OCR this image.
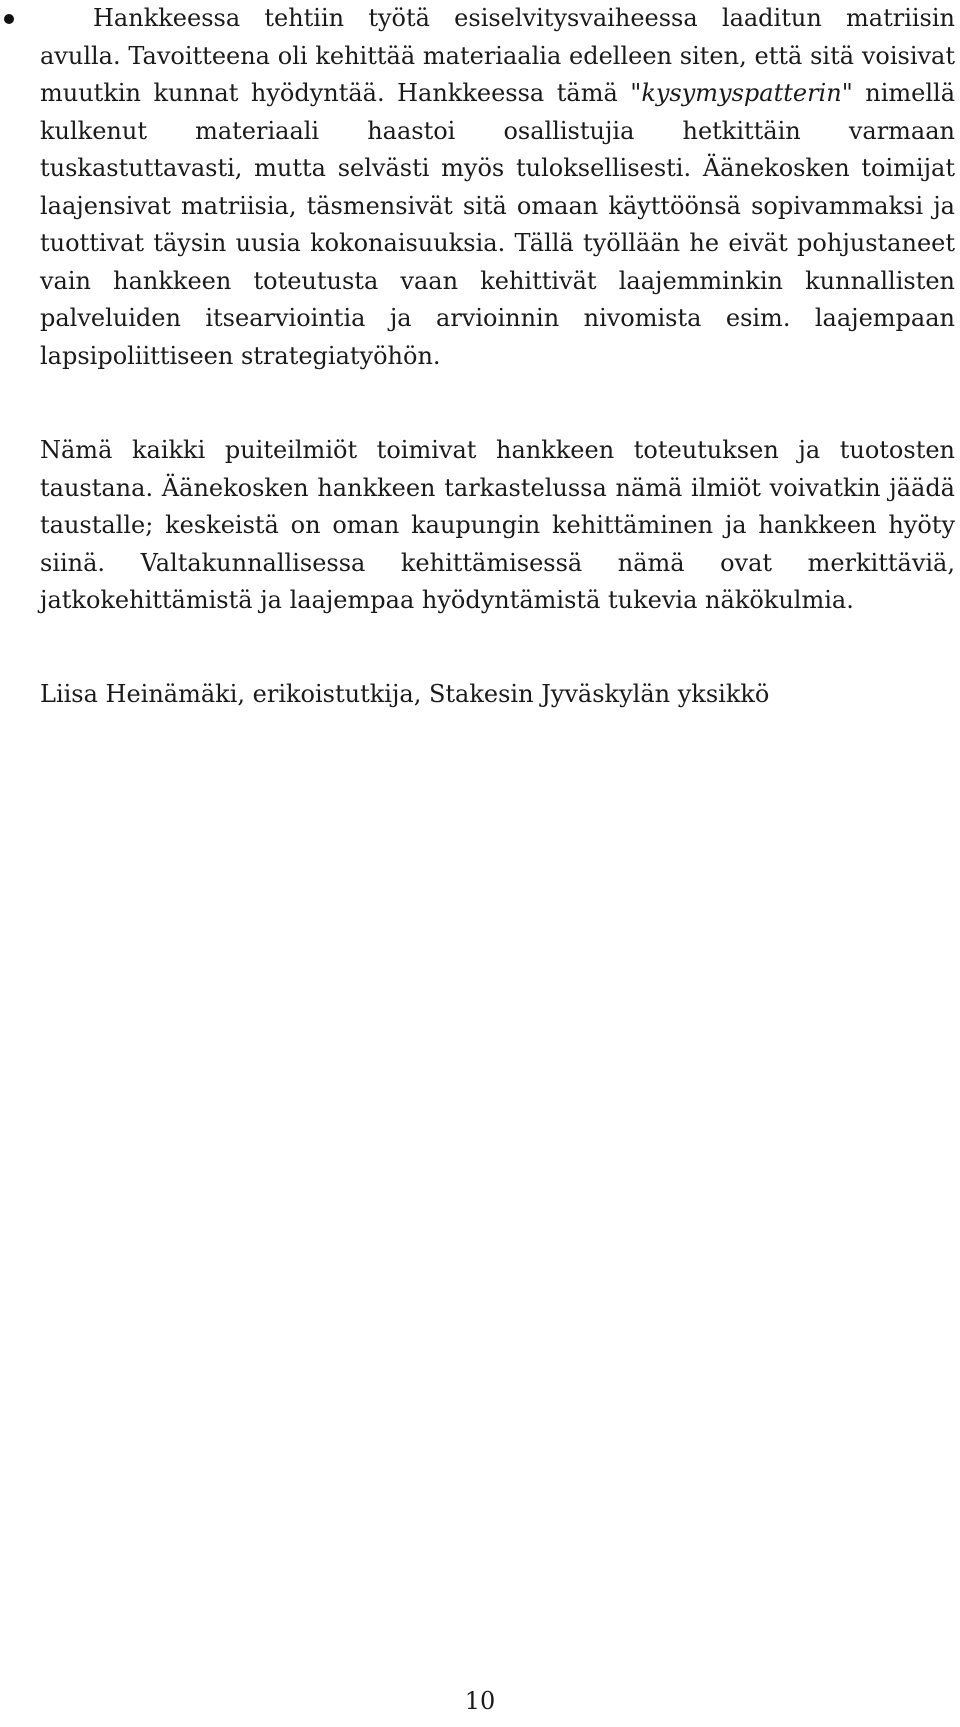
Hankkeessa tehtiin työtä esiselvitysvaiheessa laaditun matriisin avulla. Tavoitteena oli kehittää materiaalia edelleen siten, että sitä voisivat muutkin kunnat hyödyntää. Hankkeessa tämä "kysymyspatterin" nimellä kulkenut materiaali haastoi osallistujia hetkittäin varmaan tuskastuttavasti, mutta selvästi myös tuloksellisesti. Äänekosken toimijat laajensivat matriisia, täsmensivät sitä omaan käyttöönsä sopivammaksi ja tuottivat täysin uusia kokonaisuuksia. Tällä työllään he eivät pohjustaneet vain hankkeen toteutusta vaan kehittivät laajemminkin kunnallisten palveluiden itsearviointia ja arvioinnin nivomista esim. laajempaan lapsipoliittiseen strategiatyöhön.

Nämä kaikki puiteilmiöt toimivat hankkeen toteutuksen ja tuotosten taustana. Äänekosken hankkeen tarkastelussa nämä ilmiöt voivatkin jäädä taustalle; keskeistä on oman kaupungin kehittäminen ja hankkeen hyöty siinä. Valtakunnallisessa kehittämisessä nämä ovat merkittäviä, jatkokehittämistä ja laajempaa hyödyntämistä tukevia näkökulmia.

Liisa Heinämäki, erikoistutkija, Stakesin Jyväskylän yksikkö

10
